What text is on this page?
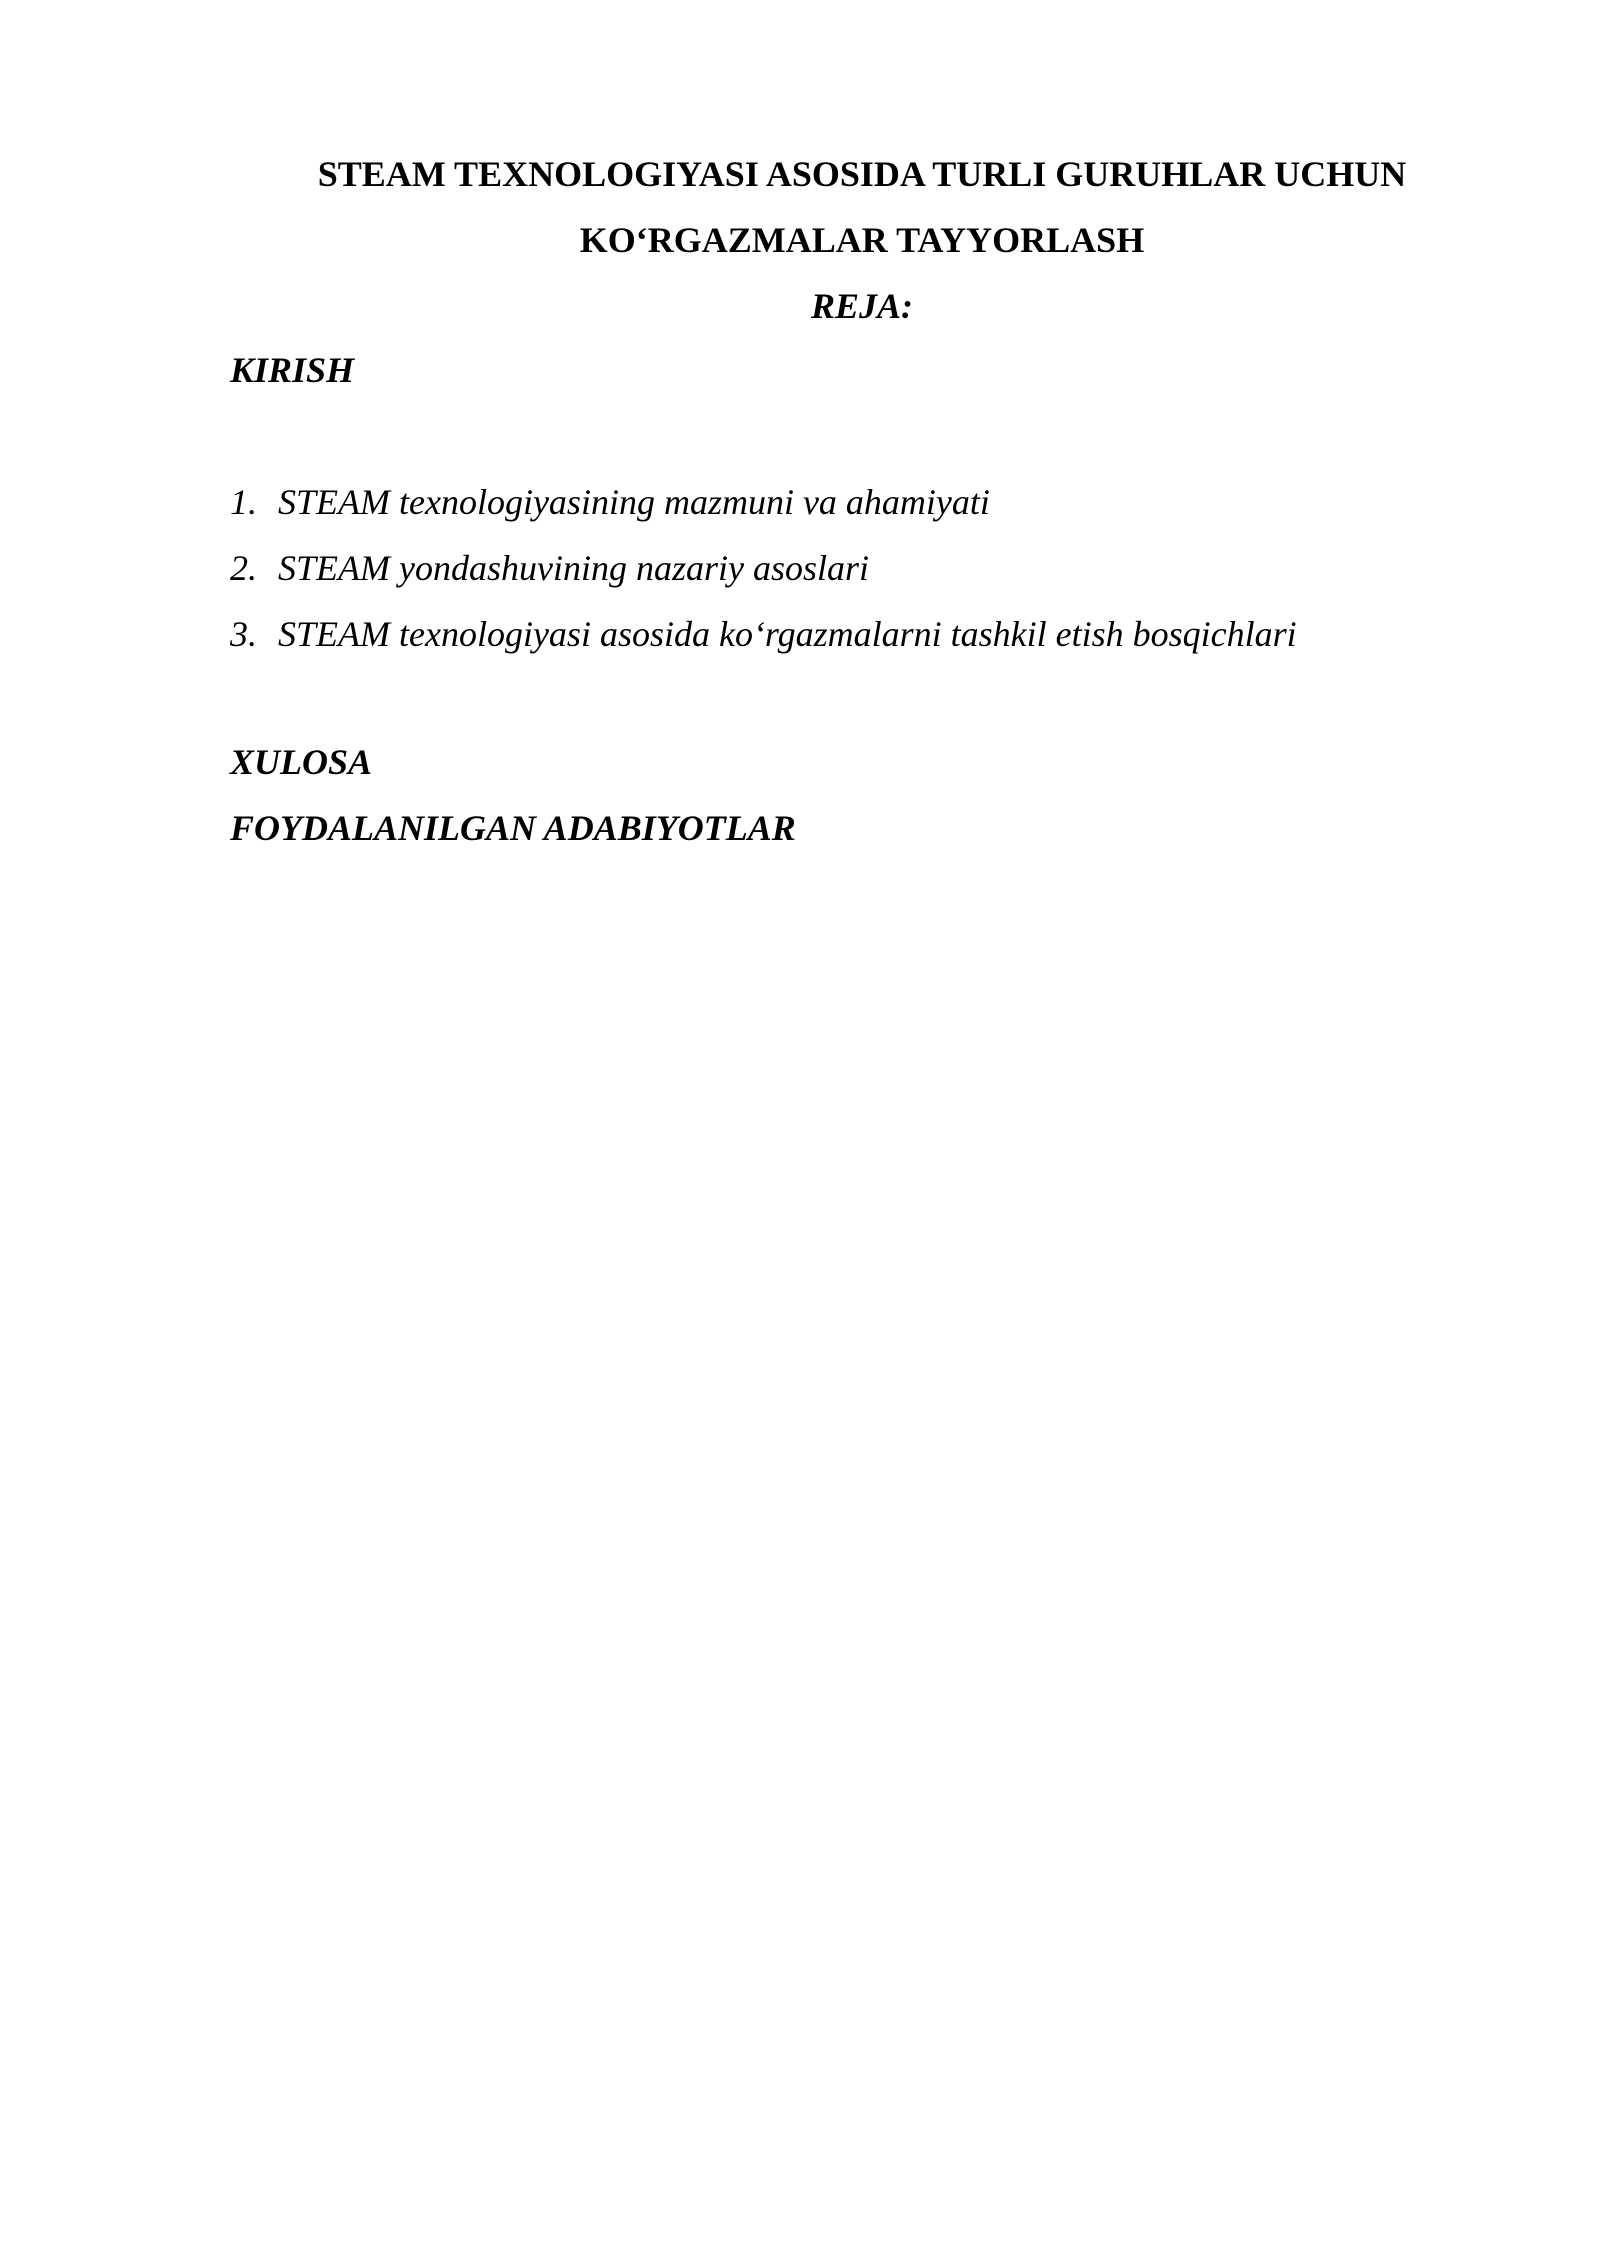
STEAM TEXNOLOGIYASI ASOSIDA TURLI GURUHLAR UCHUN
KO‘RGAZMALAR TAYYORLASH
REJA:
KIRISH
1. STEAM texnologiyasining mazmuni va ahamiyati
2. STEAM yondashuvining nazariy asoslari
3. STEAM texnologiyasi asosida ko‘rgazmalarni tashkil etish bosqichlari
XULOSA
FOYDALANILGAN ADABIYOTLAR
